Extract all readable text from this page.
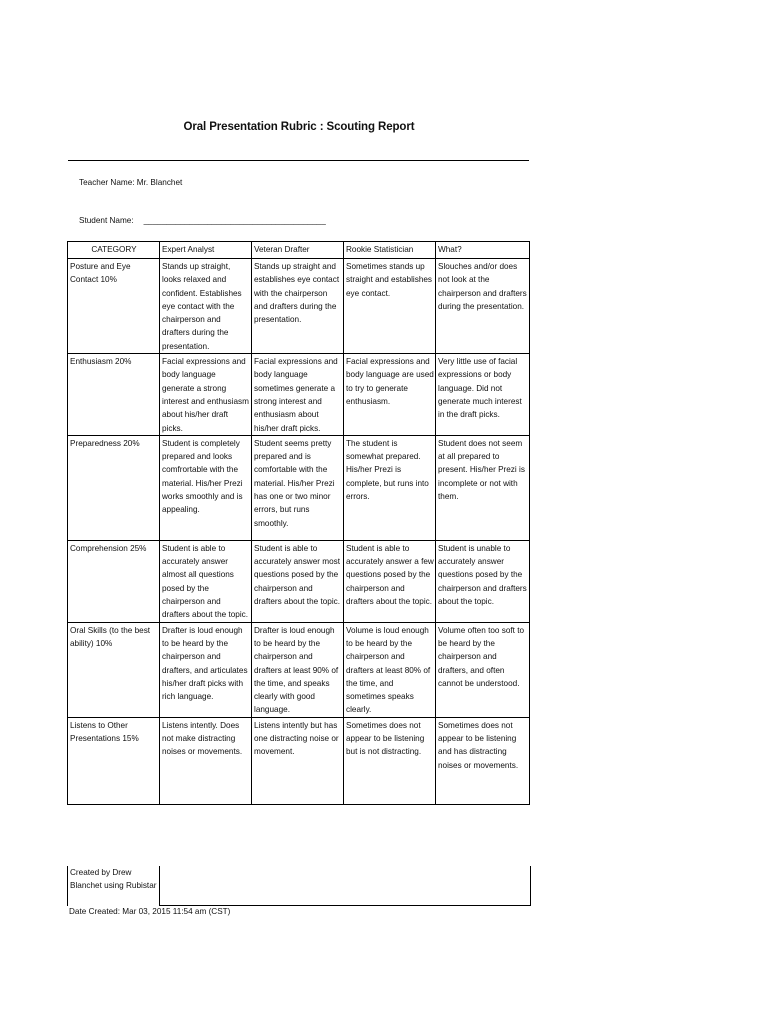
Oral Presentation Rubric : Scouting Report
Teacher Name: Mr. Blanchet
Student Name: ________________________________________
CATEGORY	Expert Analyst	Veteran Drafter	Rookie Statistician	What?
Posture and Eye Contact 10%	Stands up straight, looks relaxed and confident. Establishes eye contact with the chairperson and drafters during the presentation.	Stands up straight and establishes eye contact with the chairperson and drafters during the presentation.	Sometimes stands up straight and establishes eye contact.	Slouches and/or does not look at the chairperson and drafters during the presentation.
Enthusiasm 20%	Facial expressions and body language generate a strong interest and enthusiasm about his/her draft picks.	Facial expressions and body language sometimes generate a strong interest and enthusiasm about his/her draft picks.	Facial expressions and body language are used to try to generate enthusiasm.	Very little use of facial expressions or body language. Did not generate much interest in the draft picks.
Preparedness 20%	Student is completely prepared and looks comfrortable with the material. His/her Prezi works smoothly and is appealing.	Student seems pretty prepared and is comfortable with the material. His/her Prezi has one or two minor errors, but runs smoothly.	The student is somewhat prepared. His/her Prezi is complete, but runs into errors.	Student does not seem at all prepared to present. His/her Prezi is incomplete or not with them.
Comprehension 25%	Student is able to accurately answer almost all questions posed by the chairperson and drafters about the topic.	Student is able to accurately answer most questions posed by the chairperson and drafters about the topic.	Student is able to accurately answer a few questions posed by the chairperson and drafters about the topic.	Student is unable to accurately answer questions posed by the chairperson and drafters about the topic.
Oral Skills (to the best ability) 10%	Drafter is loud enough to be heard by the chairperson and drafters, and articulates his/her draft picks with rich language.	Drafter is loud enough to be heard by the chairperson and drafters at least 90% of the time, and speaks clearly with good language.	Volume is loud enough to be heard by the chairperson and drafters at least 80% of the time, and sometimes speaks clearly.	Volume often too soft to be heard by the chairperson and drafters, and often cannot be understood.
Listens to Other Presentations 15%	Listens intently. Does not make distracting noises or movements.	Listens intently but has one distracting noise or movement.	Sometimes does not appear to be listening but is not distracting.	Sometimes does not appear to be listening and has distracting noises or movements.
Created by Drew Blanchet using Rubistar	
Date Created: Mar 03, 2015 11:54 am (CST)
